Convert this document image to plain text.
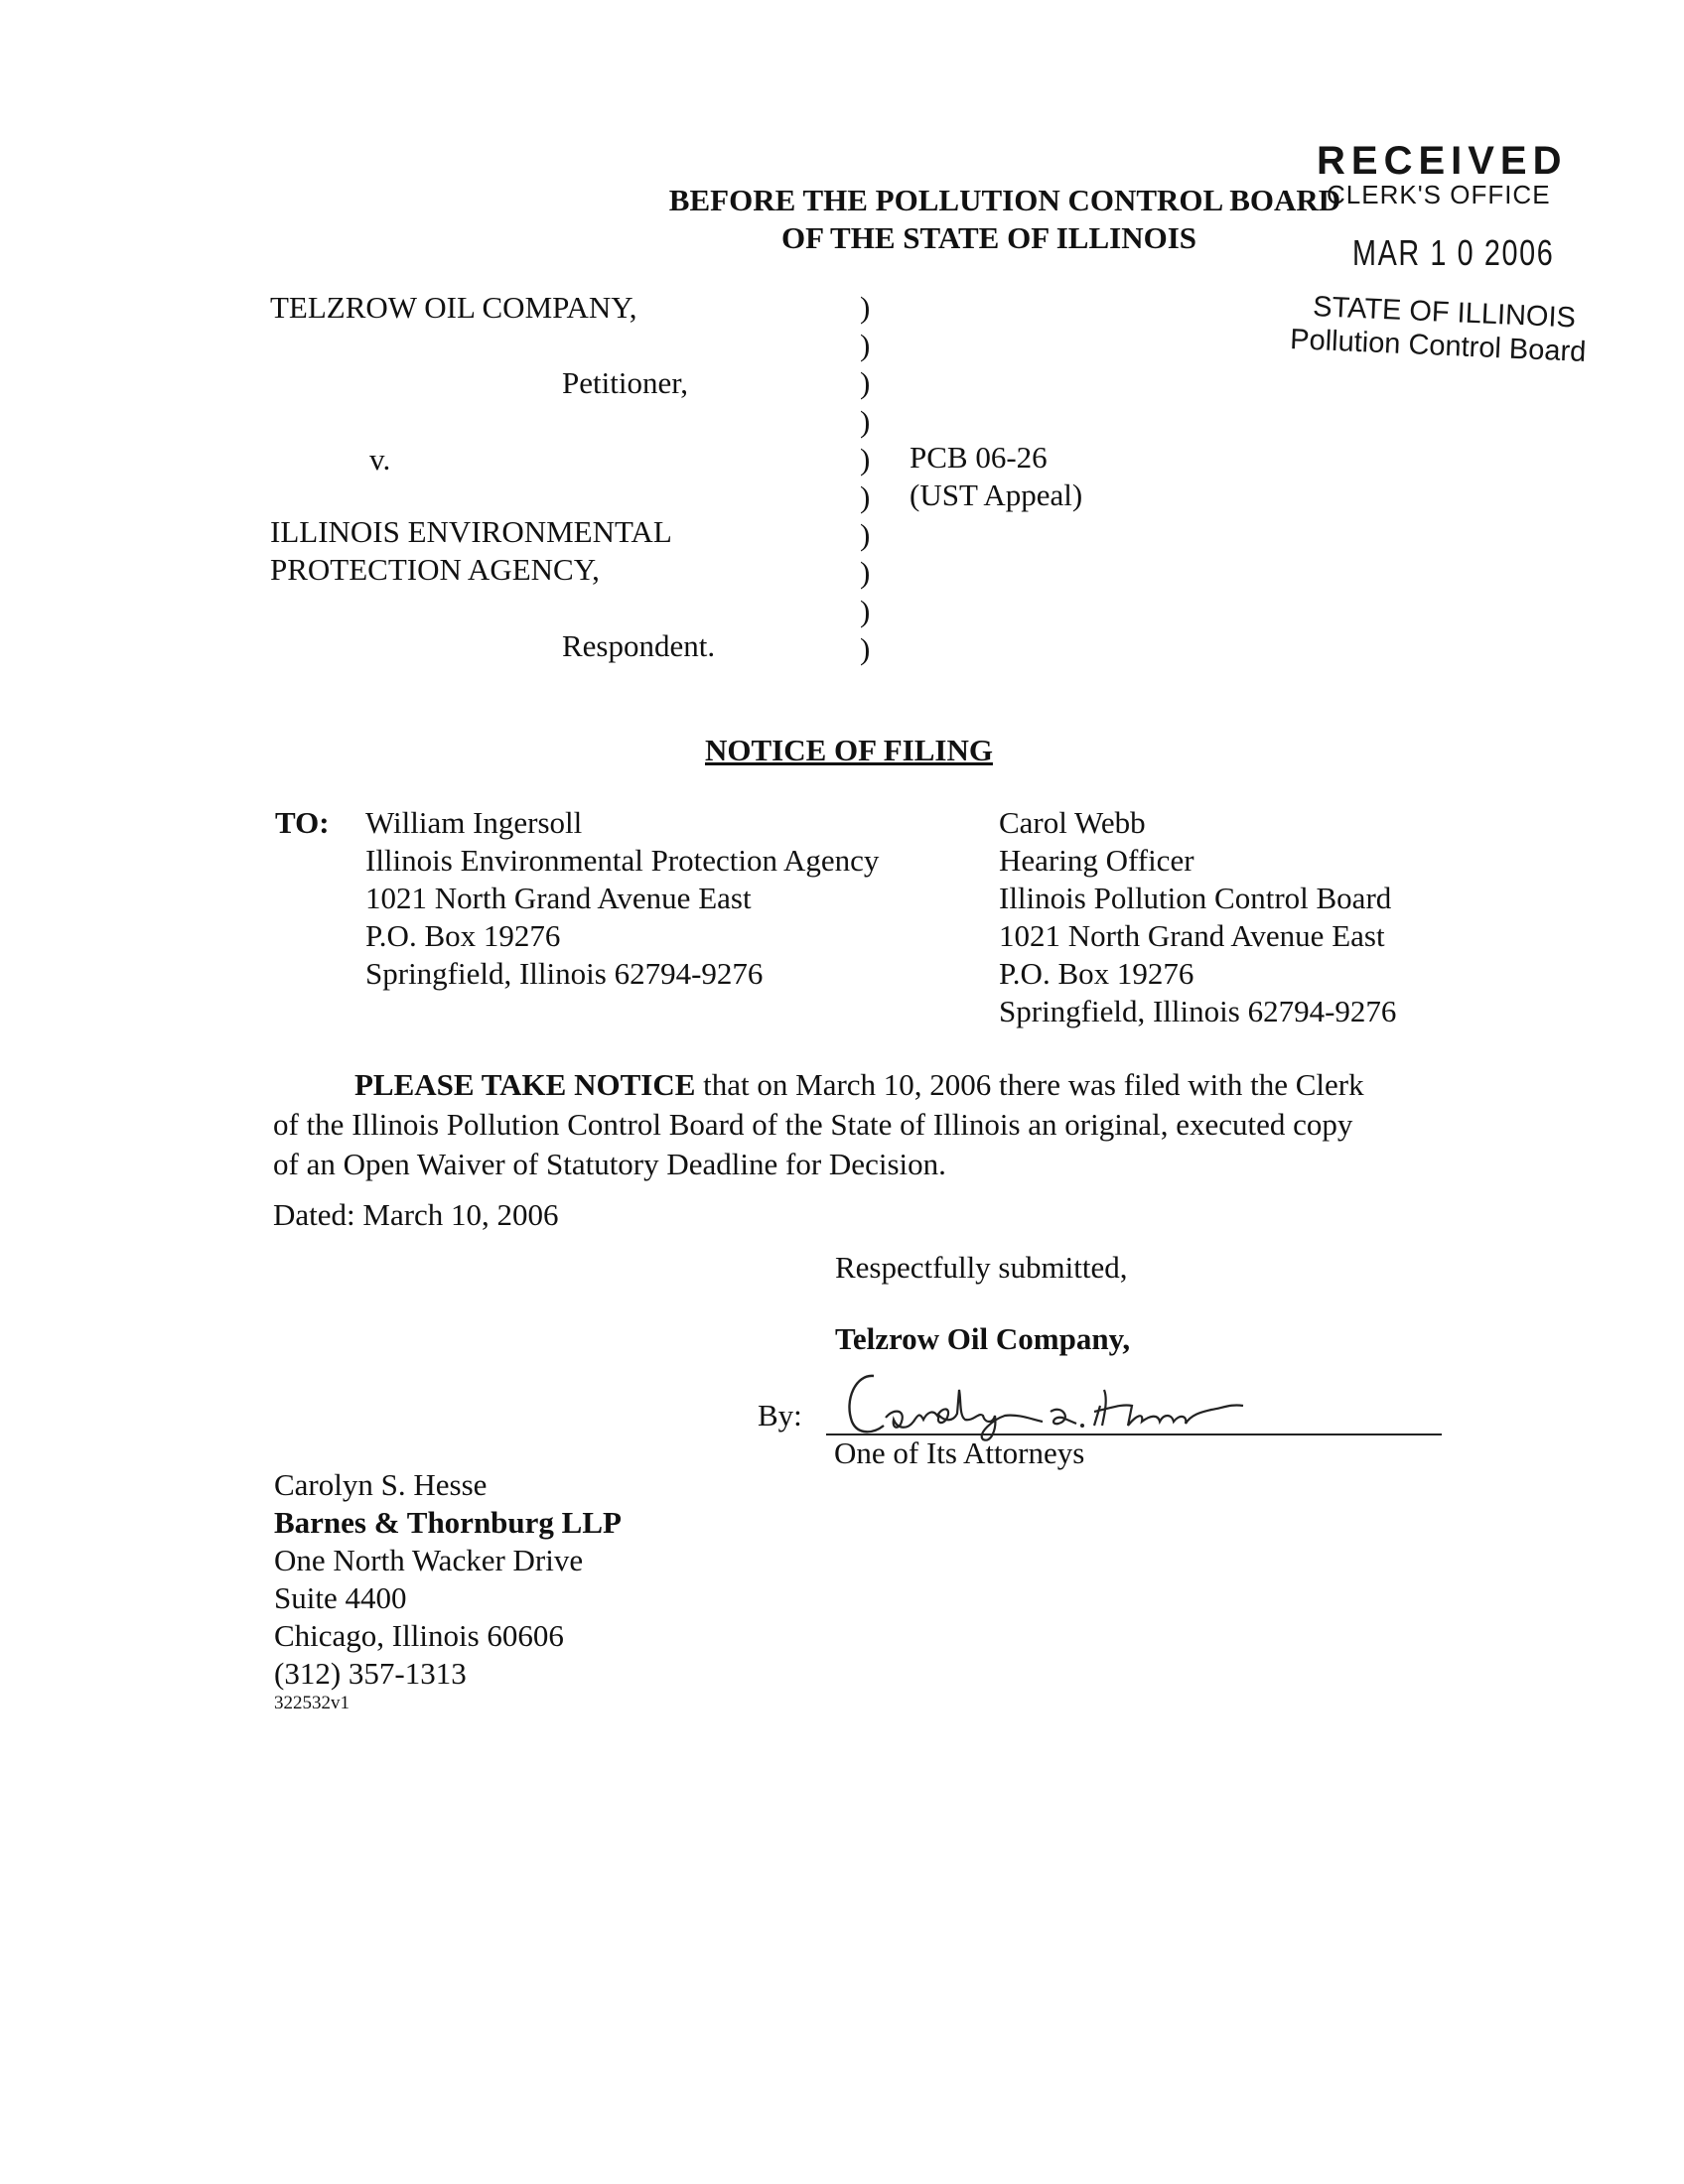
RECEIVED
CLERK'S OFFICE
MAR 1 0 2006
STATE OF ILLINOIS
Pollution Control Board
BEFORE THE POLLUTION CONTROL BOARD
OF THE STATE OF ILLINOIS
TELZROW OIL COMPANY,
Petitioner,
v.
ILLINOIS ENVIRONMENTAL
PROTECTION AGENCY,
Respondent.
)
)
)
)
)
)
)
)
)
)
PCB 06-26
(UST Appeal)
NOTICE OF FILING
TO: William Ingersoll
Illinois Environmental Protection Agency
1021 North Grand Avenue East
P.O. Box 19276
Springfield, Illinois 62794-9276
Carol Webb
Hearing Officer
Illinois Pollution Control Board
1021 North Grand Avenue East
P.O. Box 19276
Springfield, Illinois 62794-9276
PLEASE TAKE NOTICE that on March 10, 2006 there was filed with the Clerk
of the Illinois Pollution Control Board of the State of Illinois an original, executed copy
of an Open Waiver of Statutory Deadline for Decision.
Dated: March 10, 2006
Respectfully submitted,
Telzrow Oil Company,
By:
One of Its Attorneys
Carolyn S. Hesse
Barnes & Thornburg LLP
One North Wacker Drive
Suite 4400
Chicago, Illinois 60606
(312) 357-1313
322532v1
